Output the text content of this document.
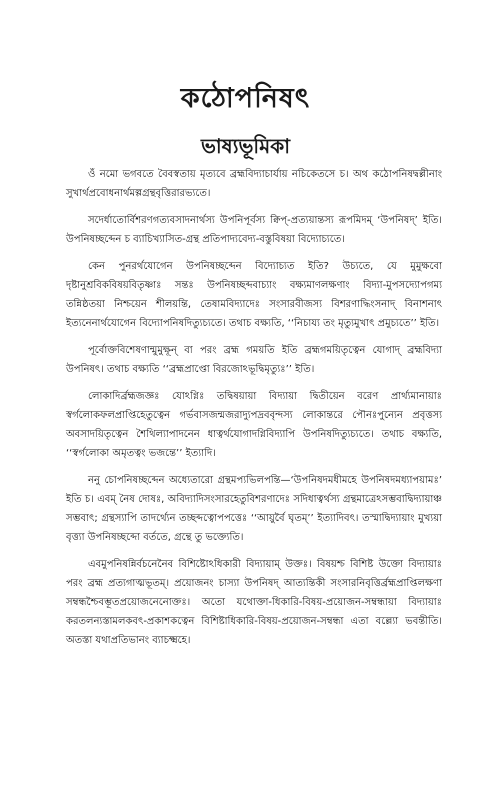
কঠোপনিষৎ
ভাষ্যভূমিকা

ওঁ নমো ভগবতে বৈবস্বতায় মৃত্যবে ব্রহ্মবিদ্যাচার্যায় নচিকেতসে চ। অথ কঠোপনিষদ্বল্লীনাং সুখার্থপ্রবোধনার্থমল্পগ্রন্থবৃত্তিরারভ্যতে।

সদের্ধাতোর্বিশরণগত্যবসাদনার্থস্য উপনিপূর্বস্য ক্বিপ্-প্রত্যয়ান্তস্য রূপমিদম্ ‘উপনিষদ্’ ইতি। উপনিষচ্ছব্দেন চ ব্যাচিখ্যাসিত-গ্রন্থ প্রতিপাদ্যবেদ্য-বস্তুবিষয়া বিদ্যোচ্যতে।

কেন পুনরর্থযোগেন উপনিষচ্ছব্দেন বিদ্যোচ্যত ইতি? উচ্যতে, যে মুমুক্ষবো দৃষ্টানুশ্রবিকবিষয়বিতৃষ্ণাঃ সন্তঃ উপনিষচ্ছব্দবাচ্যাং বক্ষ্যমাণলক্ষণাং বিদ্যা-মুপসদ্যোপগম্য তন্নিষ্ঠতয়া নিশ্চয়েন শীলয়ন্তি, তেষামবিদ্যাদেঃ সংসারবীজস্য বিশরণাদ্ধিংসনাদ্ বিনাশনাৎ ইত্যনেনার্থযোগেন বিদ্যোপনিষদিত্যুচ্যতে। তথাচ বক্ষ্যতি, ‘‘নিচায্য তং মৃত্যুমুখাৎ প্রমুচ্যতে’’ ইতি।

পূর্বোক্তবিশেষণান্মুমুক্ষূন্ বা পরং ব্রহ্ম গময়তি ইতি ব্রহ্মগময়িতৃত্বেন যোগাদ্ ব্রহ্মবিদ্যা উপনিষৎ। তথাচ বক্ষ্যতি ‘‘ব্রহ্মপ্রাপ্তো বিরজোঽভূদ্বিমৃত্যুঃ’’ ইতি।

লোকাদির্ব্রহ্মজজ্ঞঃ যোঽগ্নিঃ তদ্বিষয়ায়া বিদ্যায়া দ্বিতীয়েন বরেণ প্রার্থ্যমানায়াঃ স্বর্গলোকফলপ্রাপ্তিহেতুত্বেন গর্ভবাসজন্মজরাদ্যুপদ্রববৃন্দস্য লোকান্তরে পৌনঃপুন্যেন প্রবৃত্তস্য অবসাদয়িতৃত্বেন শৈথিল্যাপাদনেন ধাত্বর্থযোগাদগ্নিবিদ্যাপি উপনিষদিত্যুচ্যতে। তথাচ বক্ষ্যতি, ‘‘স্বর্গলোকা অমৃতত্বং ভজন্তে’’ ইত্যাদি।

ননু চোপনিষচ্ছব্দেন অধ্যেতারো গ্রন্থমপ্যভিলপন্তি—‘উপনিষদমধীমহে উপনিষদমধ্যাপয়ামঃ’ ইতি চ। এবম্ নৈষ দোষঃ, অবিদ্যাদিসংসারহেতুবিশরণাদেঃ সদিধাত্বর্থস্য গ্রন্থমাত্রেঽসম্ভবাদ্বিদ্যায়াঞ্চ সম্ভবাৎ; গ্রন্থস্যাপি তাদর্থ্যেন তচ্ছব্দত্বোপপত্তেঃ ‘‘আয়ুর্বৈ ঘৃতম্’’ ইত্যাদিবৎ। তস্মাদ্বিদ্যায়াং মুখ্যয়া বৃত্ত্যা উপনিষচ্ছব্দো বর্ততে, গ্রন্থে তু ভক্ত্যেতি।

এবমুপনিষন্নির্বচনেনৈব বিশিষ্টোঽধিকারী বিদ্যায়াম্ উক্তঃ। বিষয়শ্চ বিশিষ্ট উক্তো বিদ্যায়াঃ পরং ব্রহ্ম প্রত্যগাত্মভূতম্। প্রয়োজনং চাস্যা উপনিষদ্ আত্যন্তিকী সংসারনিবৃত্তির্ব্রহ্মপ্রাপ্তিলক্ষণা সম্বন্ধশ্চৈবম্ভূতপ্রয়োজনেনোক্তঃ। অতো যথোক্তা-ধিকারি-বিষয়-প্রয়োজন-সম্বন্ধায়া বিদ্যায়াঃ করতলন্যস্তামলকবৎ-প্রকাশকত্বেন বিশিষ্টাধিকারি-বিষয়-প্রয়োজন-সম্বন্ধা এতা বল্ল্যো ভবন্তীতি। অতস্তা যথাপ্রতিভানং ব্যাচক্ষ্মহে।
